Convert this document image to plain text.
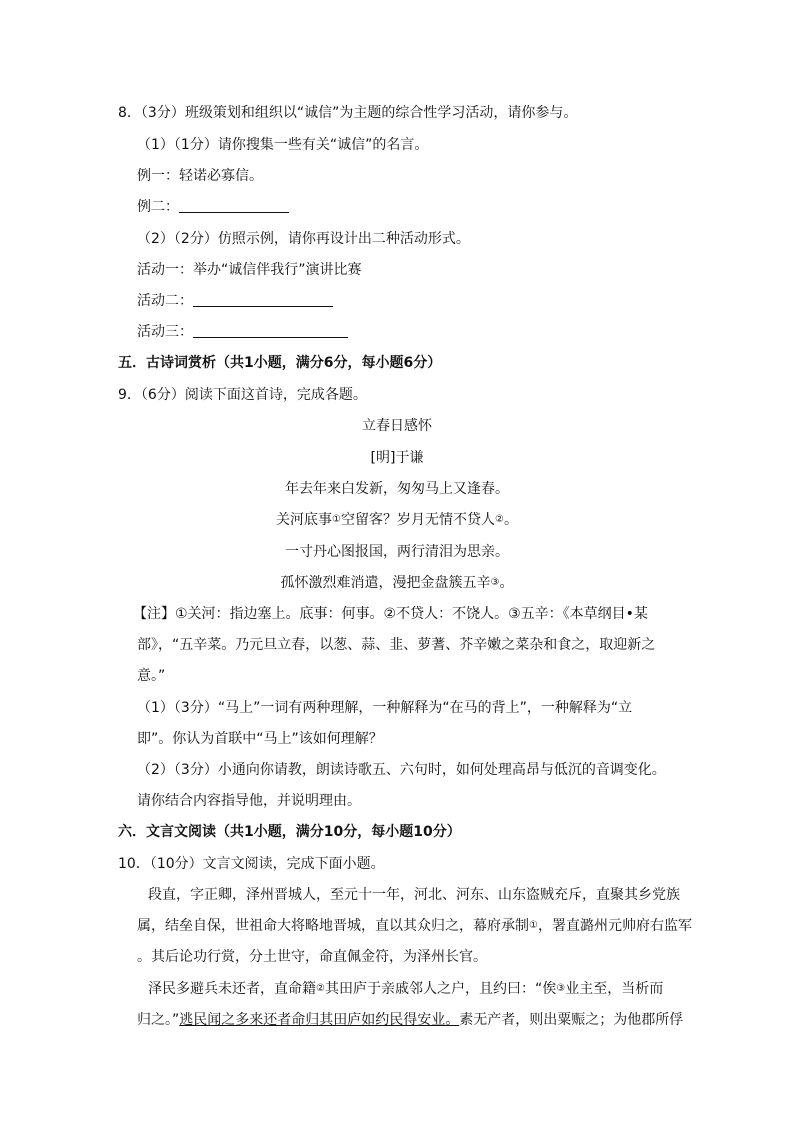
8．（3分）班级策划和组织以“诚信”为主题的综合性学习活动，请你参与。
（1）（1分）请你搜集一些有关“诚信”的名言。
例一：轻诺必寡信。
例二：
（2）（2分）仿照示例，请你再设计出二种活动形式。
活动一：举办“诚信伴我行”演讲比赛
活动二：
活动三：
五．古诗词赏析（共1小题，满分6分，每小题6分）
9．（6分）阅读下面这首诗，完成各题。
立春日感怀
[明]于谦
年去年来白发新，匆匆马上又逢春。
关河底事①空留客？岁月无情不贷人②。
一寸丹心图报国，两行清泪为思亲。
孤怀激烈难消遣，漫把金盘簇五辛③。
【注】①关河：指边塞上。底事：何事。②不贷人：不饶人。③五辛：《本草纲目•某
部》，“五辛菜。乃元旦立春，以葱、蒜、韭、萝蓍、芥辛嫩之菜杂和食之，取迎新之
意。”
（1）（3分）“马上”一词有两种理解，一种解释为“在马的背上”，一种解释为“立
即”。你认为首联中“马上”该如何理解？
（2）（3分）小通向你请教，朗读诗歌五、六句时，如何处理高昂与低沉的音调变化。
请你结合内容指导他，并说明理由。
六．文言文阅读（共1小题，满分10分，每小题10分）
10．（10分）文言文阅读，完成下面小题。
段直，字正卿，泽州晋城人，至元十一年，河北、河东、山东盗贼充斥，直聚其乡党族
属，结垒自保，世祖命大将略地晋城，直以其众归之，幕府承制①，署直潞州元帅府右监军
。其后论功行赏，分土世守，命直佩金符，为泽州长官。
泽民多避兵未还者，直命籍②其田庐于亲戚邻人之户，且约曰：“俟③业主至，当析而
归之。”逃民闻之多来还者命归其田庐如约民得安业。素无产者，则出粟赈之；为他郡所俘
